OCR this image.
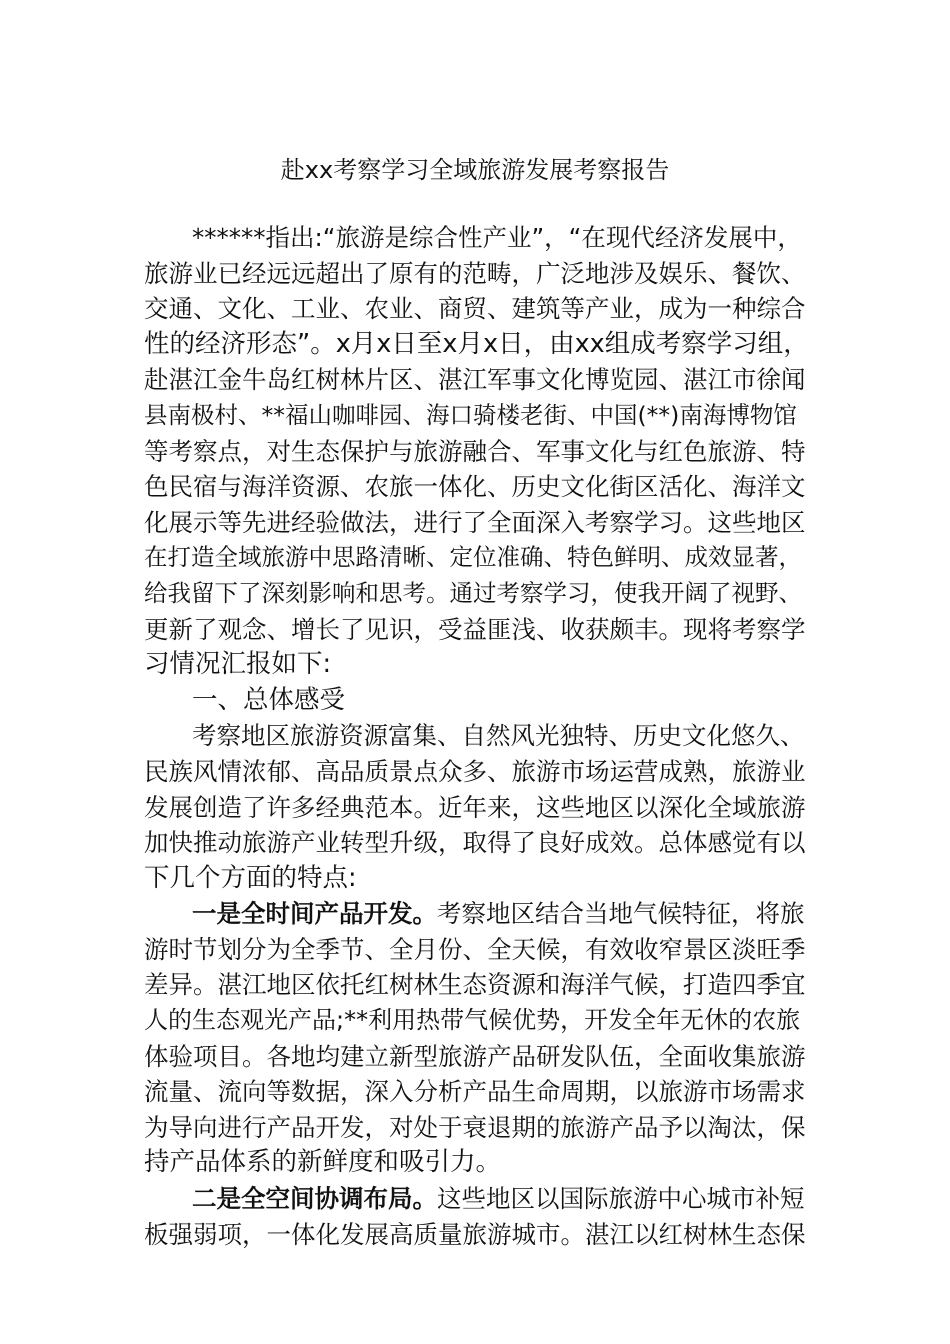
赴xx考察学习全域旅游发展考察报告
******指出:“旅游是综合性产业”，“在现代经济发展中，
旅游业已经远远超出了原有的范畴，广泛地涉及娱乐、餐饮、
交通、文化、工业、农业、商贸、建筑等产业，成为一种综合
性的经济形态”。x月x日至x月x日，由xx组成考察学习组，
赴湛江金牛岛红树林片区、湛江军事文化博览园、湛江市徐闻
县南极村、**福山咖啡园、海口骑楼老街、中国(**)南海博物馆
等考察点，对生态保护与旅游融合、军事文化与红色旅游、特
色民宿与海洋资源、农旅一体化、历史文化街区活化、海洋文
化展示等先进经验做法，进行了全面深入考察学习。这些地区
在打造全域旅游中思路清晰、定位准确、特色鲜明、成效显著，
给我留下了深刻影响和思考。通过考察学习，使我开阔了视野、
更新了观念、增长了见识，受益匪浅、收获颇丰。现将考察学
习情况汇报如下:
一、总体感受
考察地区旅游资源富集、自然风光独特、历史文化悠久、
民族风情浓郁、高品质景点众多、旅游市场运营成熟，旅游业
发展创造了许多经典范本。近年来，这些地区以深化全域旅游
加快推动旅游产业转型升级，取得了良好成效。总体感觉有以
下几个方面的特点:
一是全时间产品开发。考察地区结合当地气候特征，将旅
游时节划分为全季节、全月份、全天候，有效收窄景区淡旺季
差异。湛江地区依托红树林生态资源和海洋气候，打造四季宜
人的生态观光产品;**利用热带气候优势，开发全年无休的农旅
体验项目。各地均建立新型旅游产品研发队伍，全面收集旅游
流量、流向等数据，深入分析产品生命周期，以旅游市场需求
为导向进行产品开发，对处于衰退期的旅游产品予以淘汰，保
持产品体系的新鲜度和吸引力。
二是全空间协调布局。这些地区以国际旅游中心城市补短
板强弱项，一体化发展高质量旅游城市。湛江以红树林生态保
